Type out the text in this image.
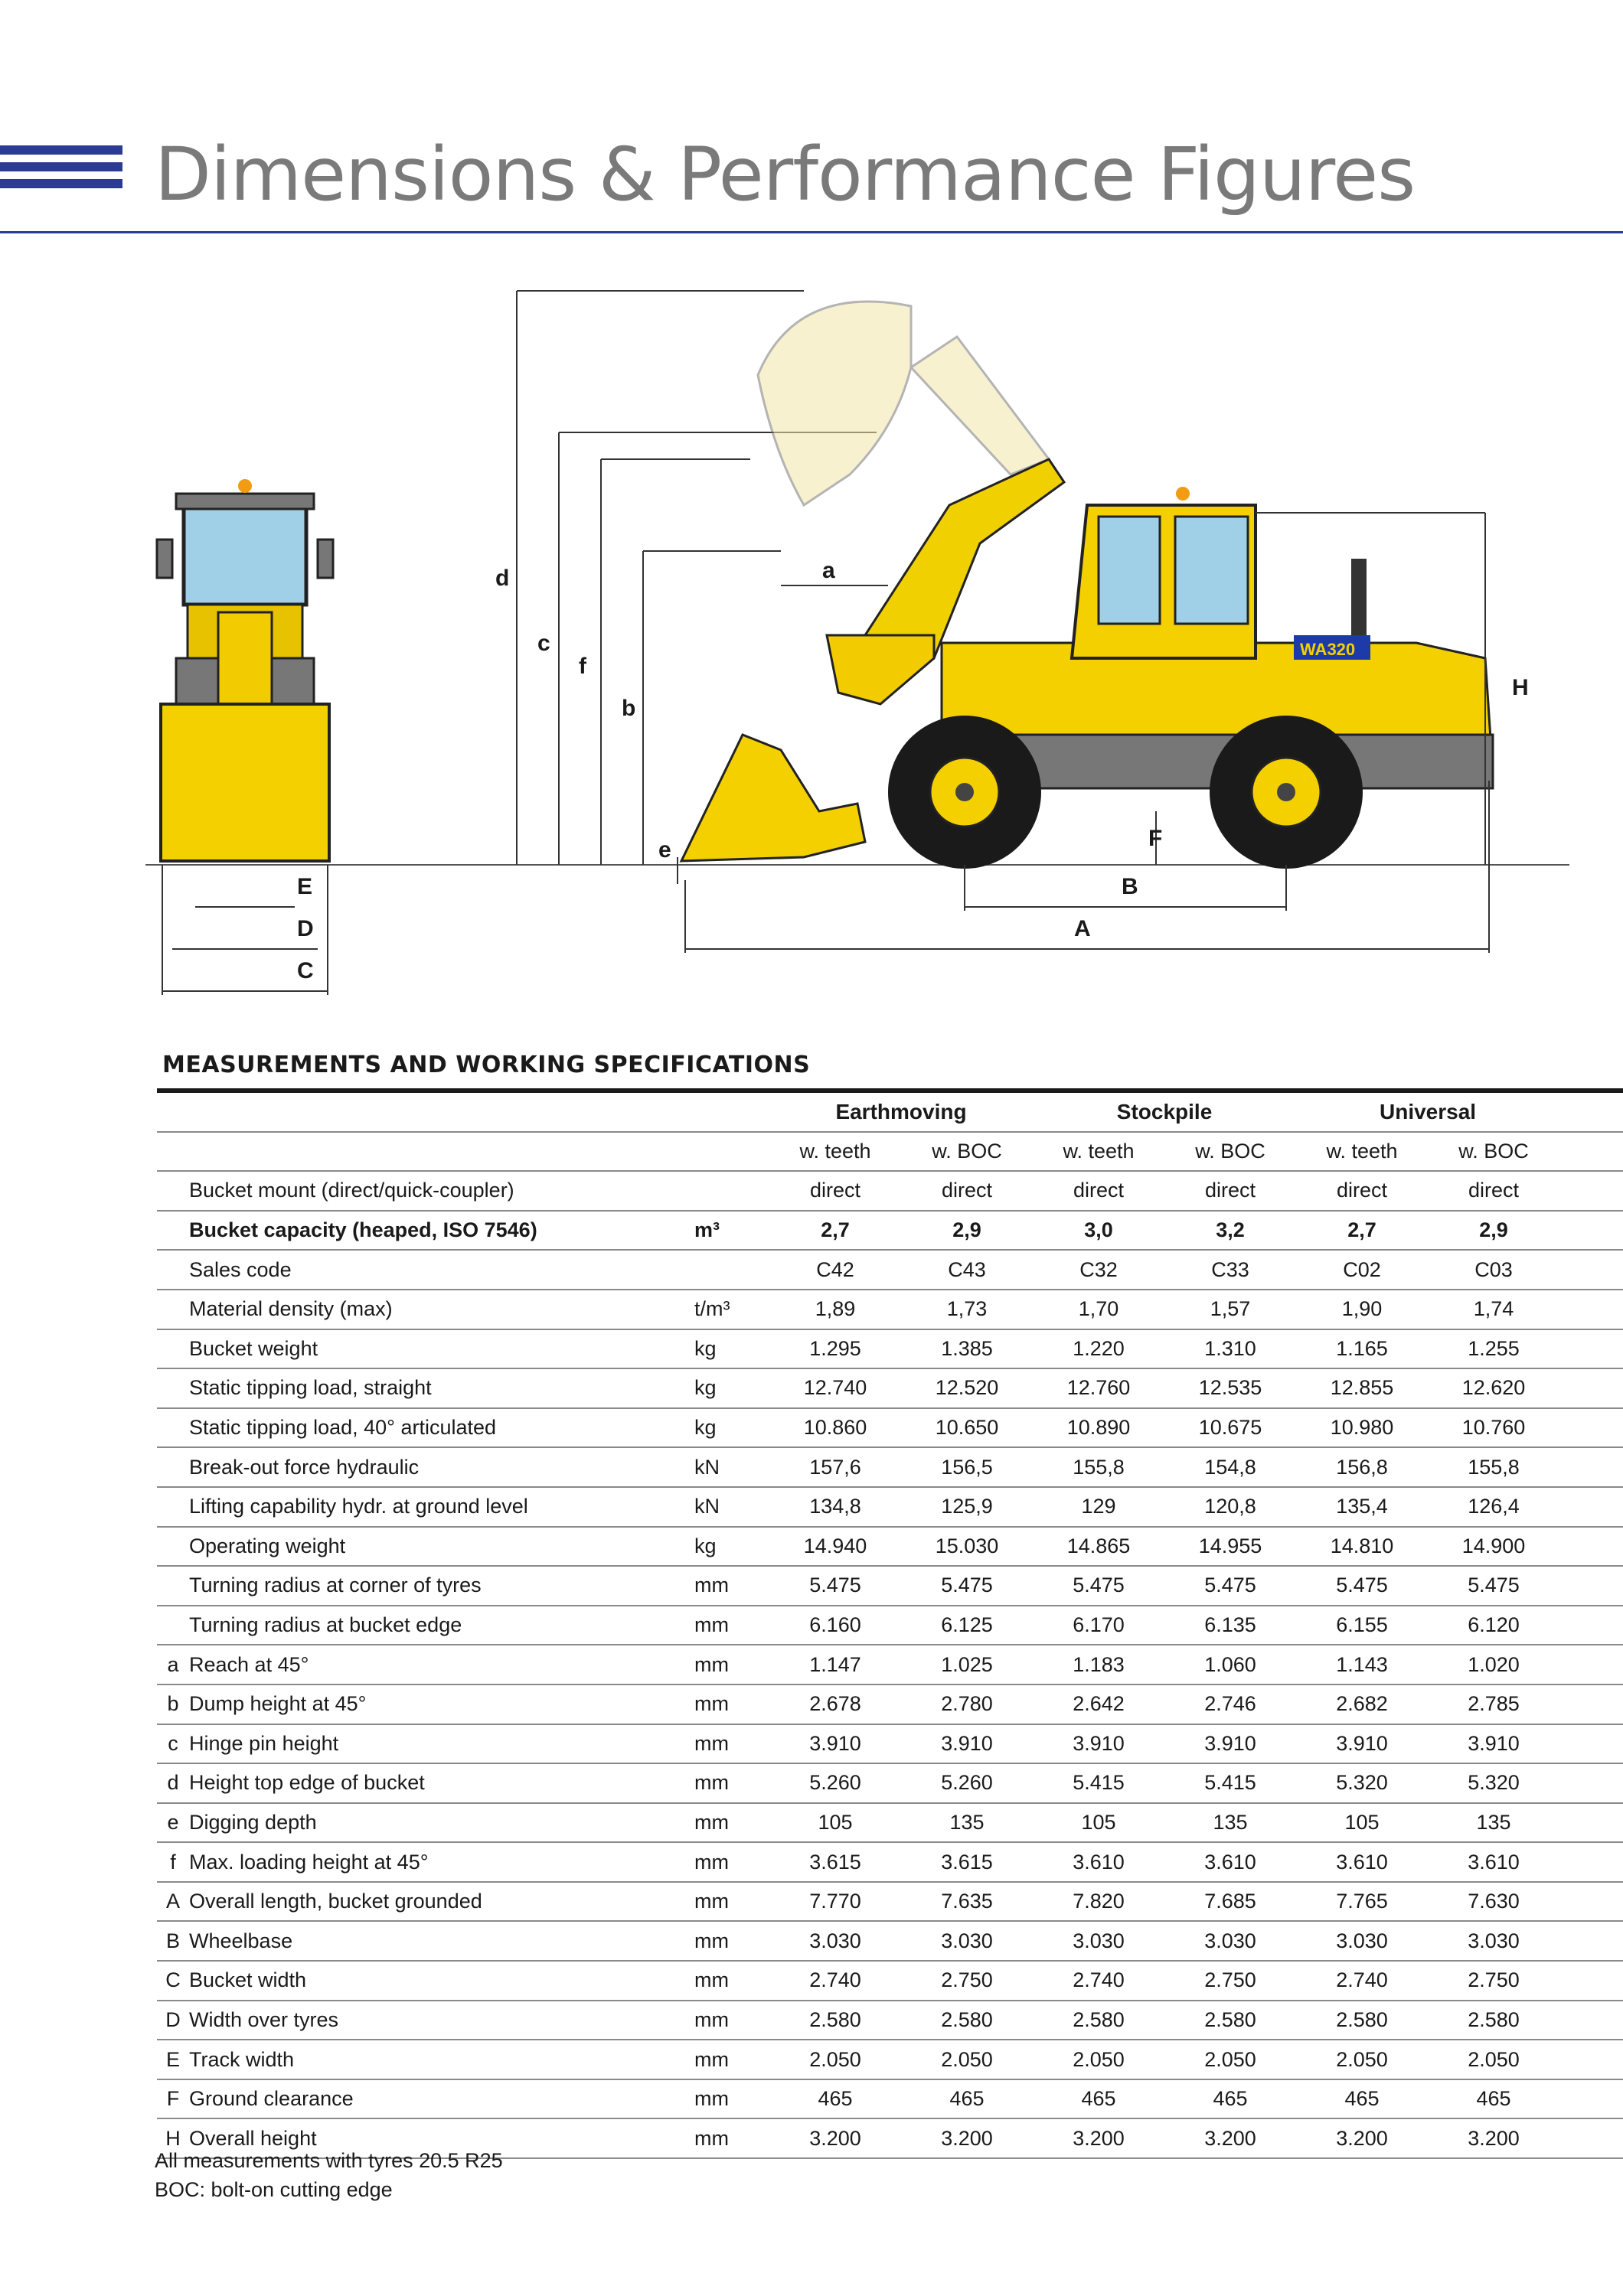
Dimensions & Performance Figures
E
D
C
d
c
f
b
a
e
WA320
B
A
F
H
MEASUREMENTS AND WORKING SPECIFICATIONS
			Earthmoving		Stockpile		Universal		
			w. teeth	w. BOC	w. teeth	w. BOC	w. teeth	w. BOC	
	Bucket mount (direct/quick-coupler)		direct	direct	direct	direct	direct	direct	
	Bucket capacity (heaped, ISO 7546)	m³	2,7	2,9	3,0	3,2	2,7	2,9	
	Sales code		C42	C43	C32	C33	C02	C03	
	Material density (max)	t/m³	1,89	1,73	1,70	1,57	1,90	1,74	
	Bucket weight	kg	1.295	1.385	1.220	1.310	1.165	1.255	
	Static tipping load, straight	kg	12.740	12.520	12.760	12.535	12.855	12.620	
	Static tipping load, 40° articulated	kg	10.860	10.650	10.890	10.675	10.980	10.760	
	Break-out force hydraulic	kN	157,6	156,5	155,8	154,8	156,8	155,8	
	Lifting capability hydr. at ground level	kN	134,8	125,9	129	120,8	135,4	126,4	
	Operating weight	kg	14.940	15.030	14.865	14.955	14.810	14.900	
	Turning radius at corner of tyres	mm	5.475	5.475	5.475	5.475	5.475	5.475	
	Turning radius at bucket edge	mm	6.160	6.125	6.170	6.135	6.155	6.120	
a	Reach at 45°	mm	1.147	1.025	1.183	1.060	1.143	1.020	
b	Dump height at 45°	mm	2.678	2.780	2.642	2.746	2.682	2.785	
c	Hinge pin height	mm	3.910	3.910	3.910	3.910	3.910	3.910	
d	Height top edge of bucket	mm	5.260	5.260	5.415	5.415	5.320	5.320	
e	Digging depth	mm	105	135	105	135	105	135	
f	Max. loading height at 45°	mm	3.615	3.615	3.610	3.610	3.610	3.610	
A	Overall length, bucket grounded	mm	7.770	7.635	7.820	7.685	7.765	7.630	
B	Wheelbase	mm	3.030	3.030	3.030	3.030	3.030	3.030	
C	Bucket width	mm	2.740	2.750	2.740	2.750	2.740	2.750	
D	Width over tyres	mm	2.580	2.580	2.580	2.580	2.580	2.580	
E	Track width	mm	2.050	2.050	2.050	2.050	2.050	2.050	
F	Ground clearance	mm	465	465	465	465	465	465	
H	Overall height	mm	3.200	3.200	3.200	3.200	3.200	3.200	
All measurements with tyres 20.5 R25
BOC: bolt-on cutting edge
